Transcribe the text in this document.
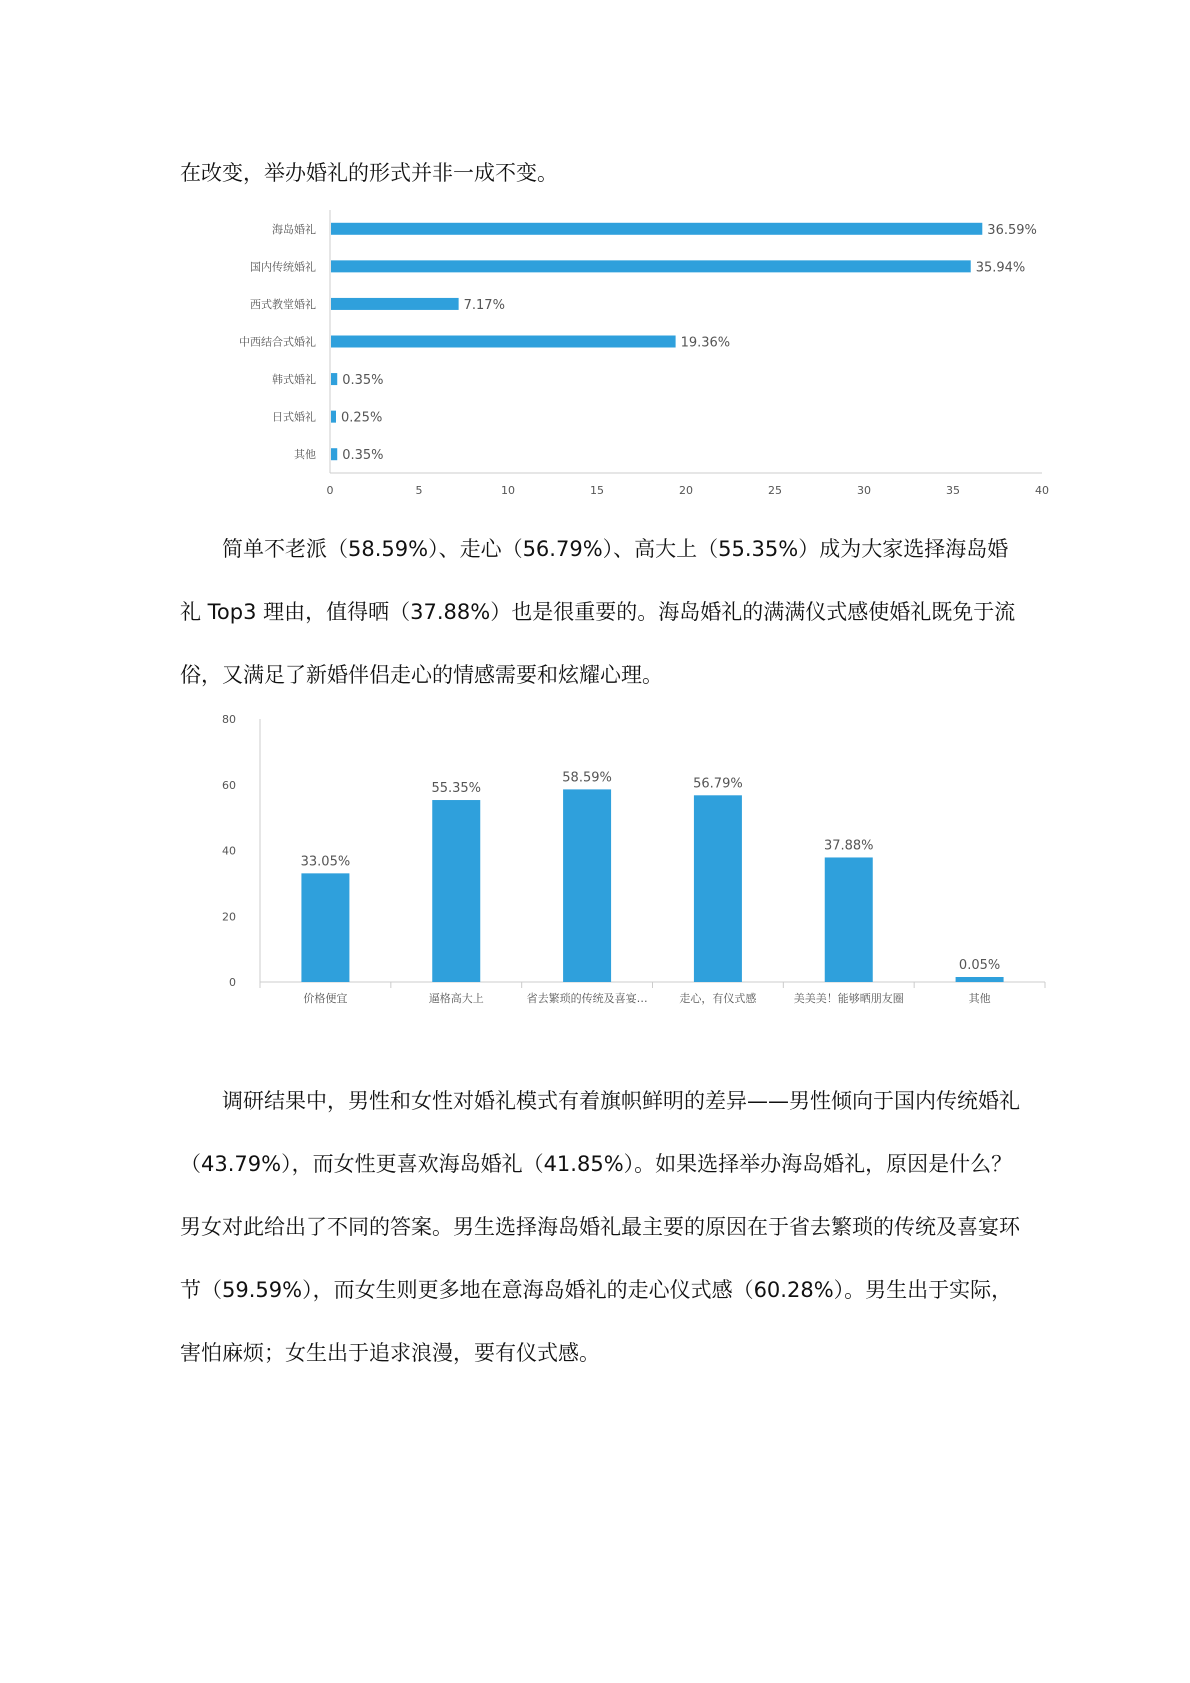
在改变，举办婚礼的形式并非一成不变。

0	5	10	15	20	25	30	35	40
海岛婚礼	36.59%
国内传统婚礼	35.94%
西式教堂婚礼	7.17%
中西结合式婚礼	19.36%
韩式婚礼 0.35%
日式婚礼 0.25%
其他 0.35%

简单不老派（58.59%）、走心（56.79%）、高大上（55.35%）成为大家选择海岛婚
礼 Top3 理由，值得晒（37.88%）也是很重要的。海岛婚礼的满满仪式感使婚礼既免于流
俗，又满足了新婚伴侣走心的情感需要和炫耀心理。

0
20
40
60
80
33.05%
价格便宜
55.35%
逼格高大上
58.59%
省去繁琐的传统及喜宴…
56.79%
走心，有仪式感
37.88%
美美美！能够晒朋友圈
0.05%
其他

调研结果中，男性和女性对婚礼模式有着旗帜鲜明的差异——男性倾向于国内传统婚礼
（43.79%），而女性更喜欢海岛婚礼（41.85%）。如果选择举办海岛婚礼，原因是什么？
男女对此给出了不同的答案。男生选择海岛婚礼最主要的原因在于省去繁琐的传统及喜宴环
节（59.59%），而女生则更多地在意海岛婚礼的走心仪式感（60.28%）。男生出于实际，
害怕麻烦；女生出于追求浪漫，要有仪式感。
